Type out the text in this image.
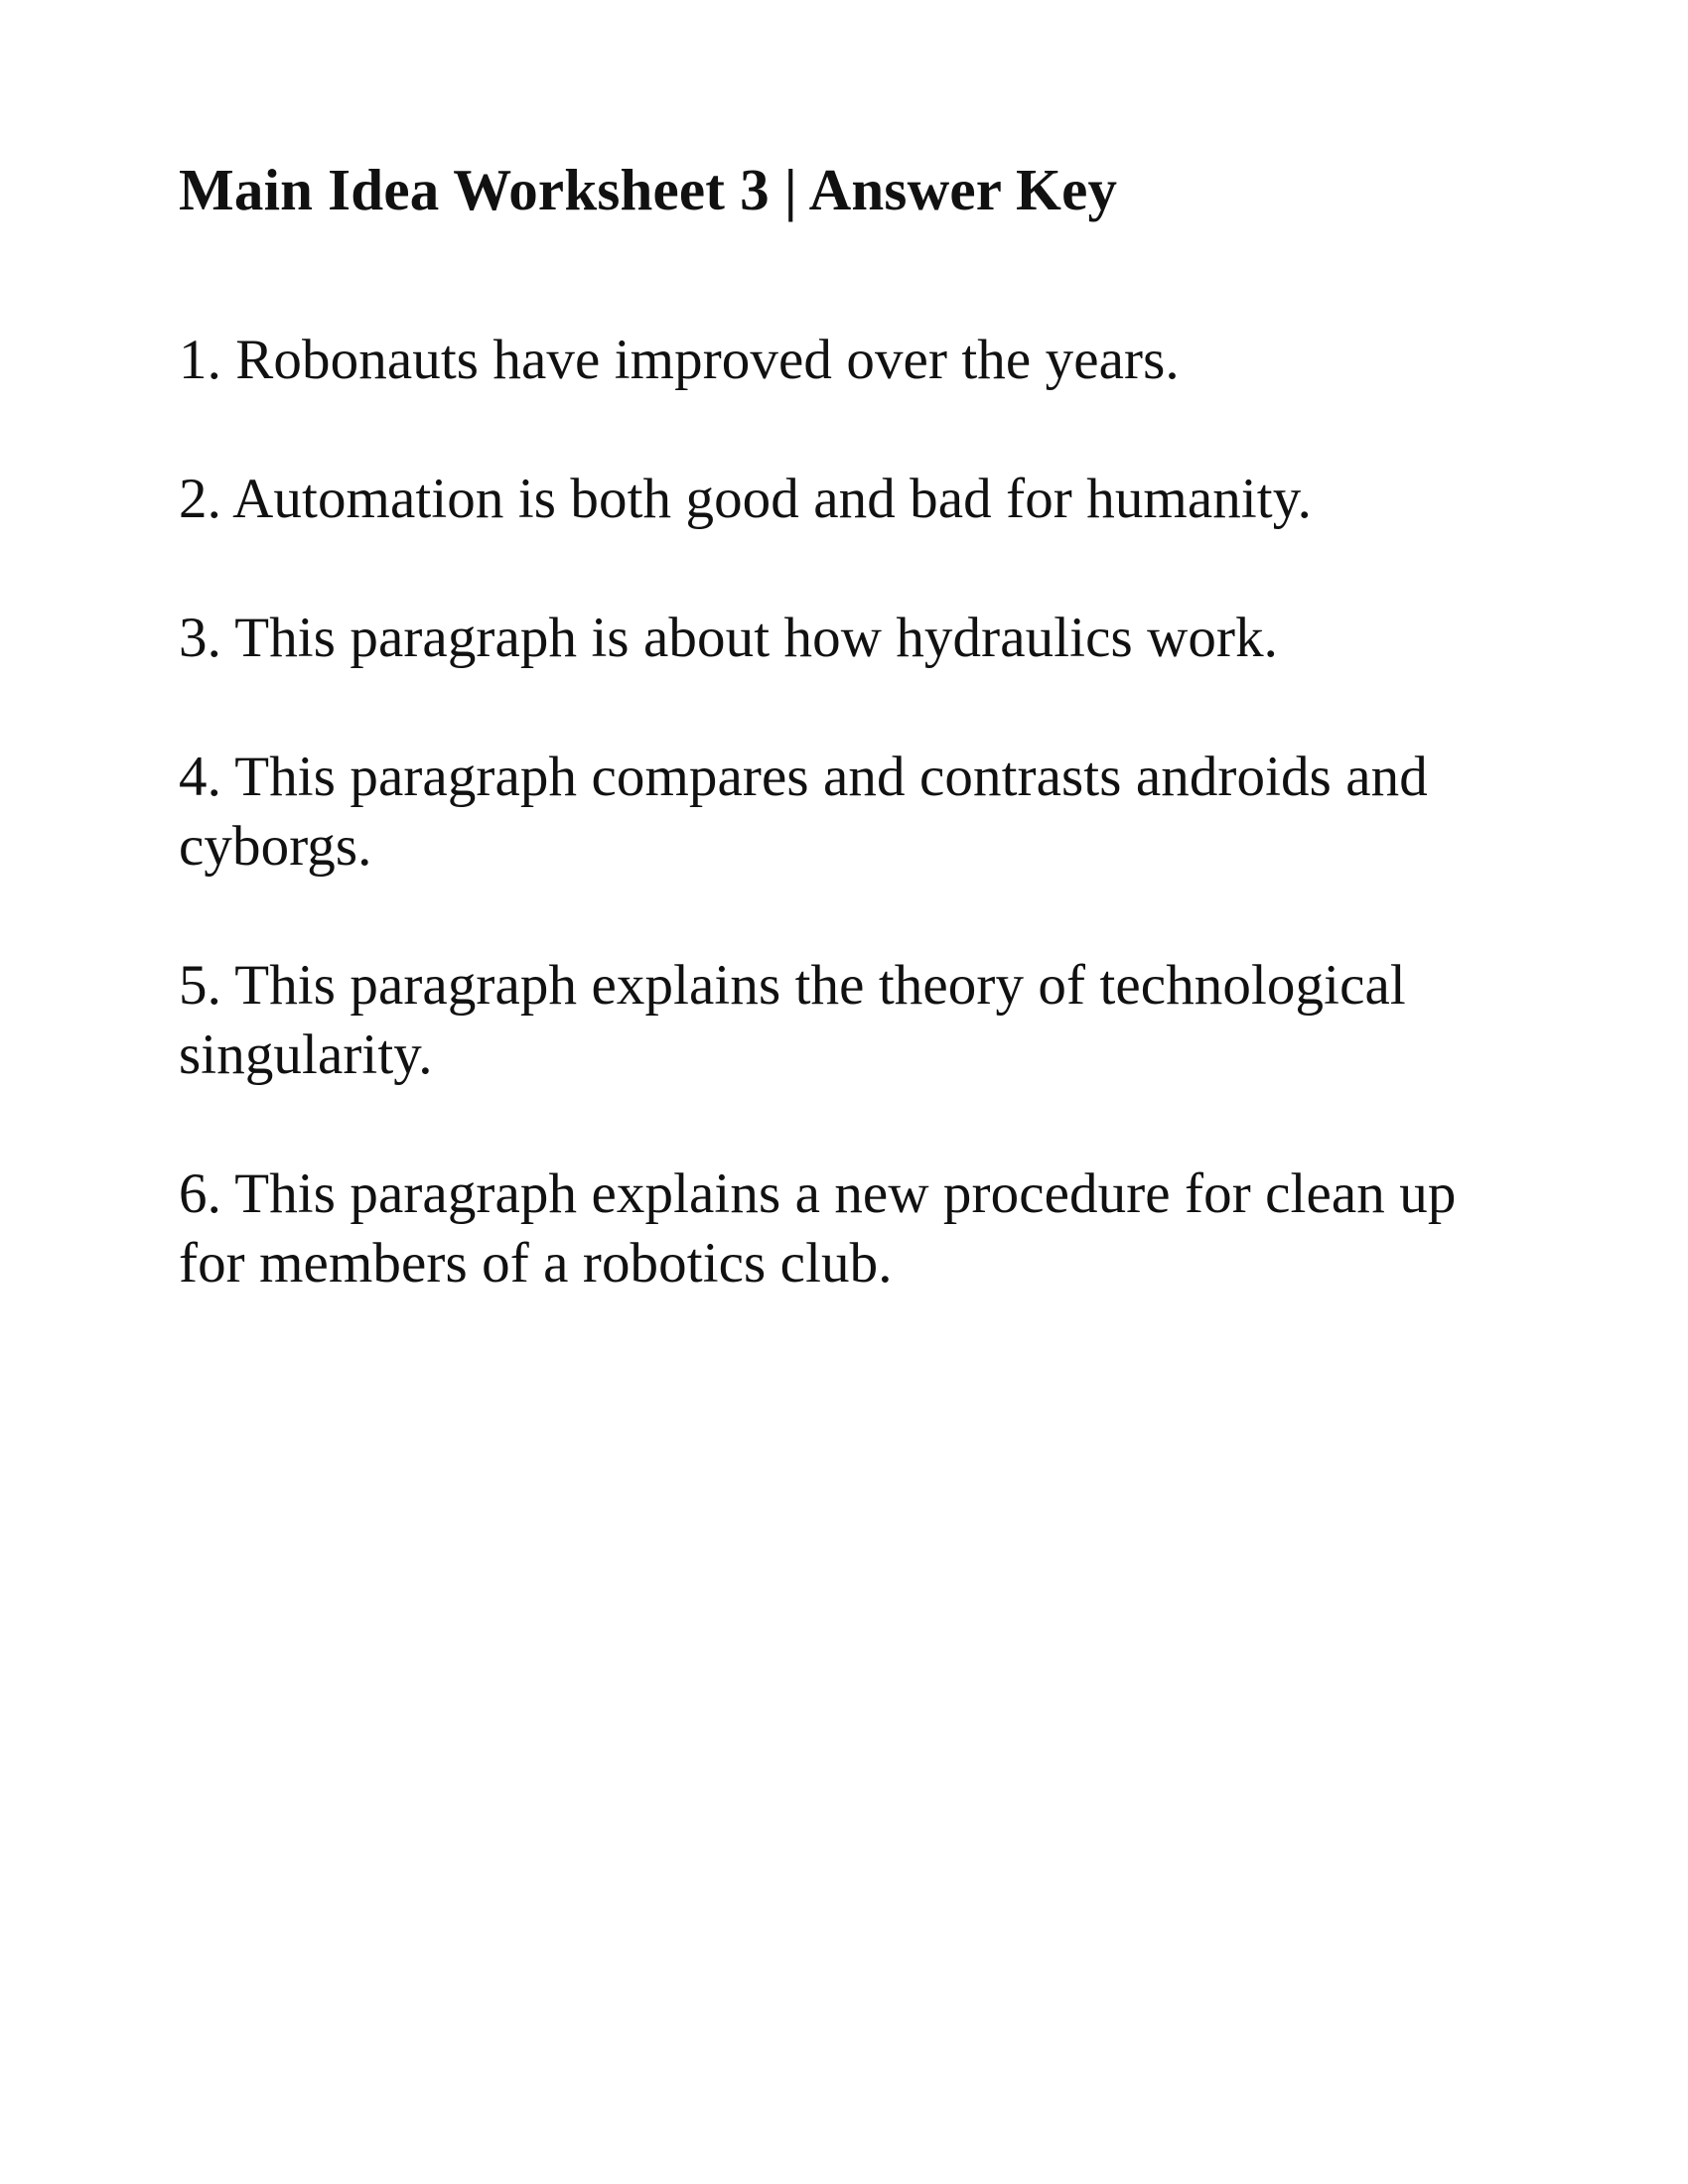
Main Idea Worksheet 3 | Answer Key
1. Robonauts have improved over the years.
2. Automation is both good and bad for humanity.
3. This paragraph is about how hydraulics work.
4. This paragraph compares and contrasts androids and cyborgs.
5. This paragraph explains the theory of technological singularity.
6. This paragraph explains a new procedure for clean up for members of a robotics club.
